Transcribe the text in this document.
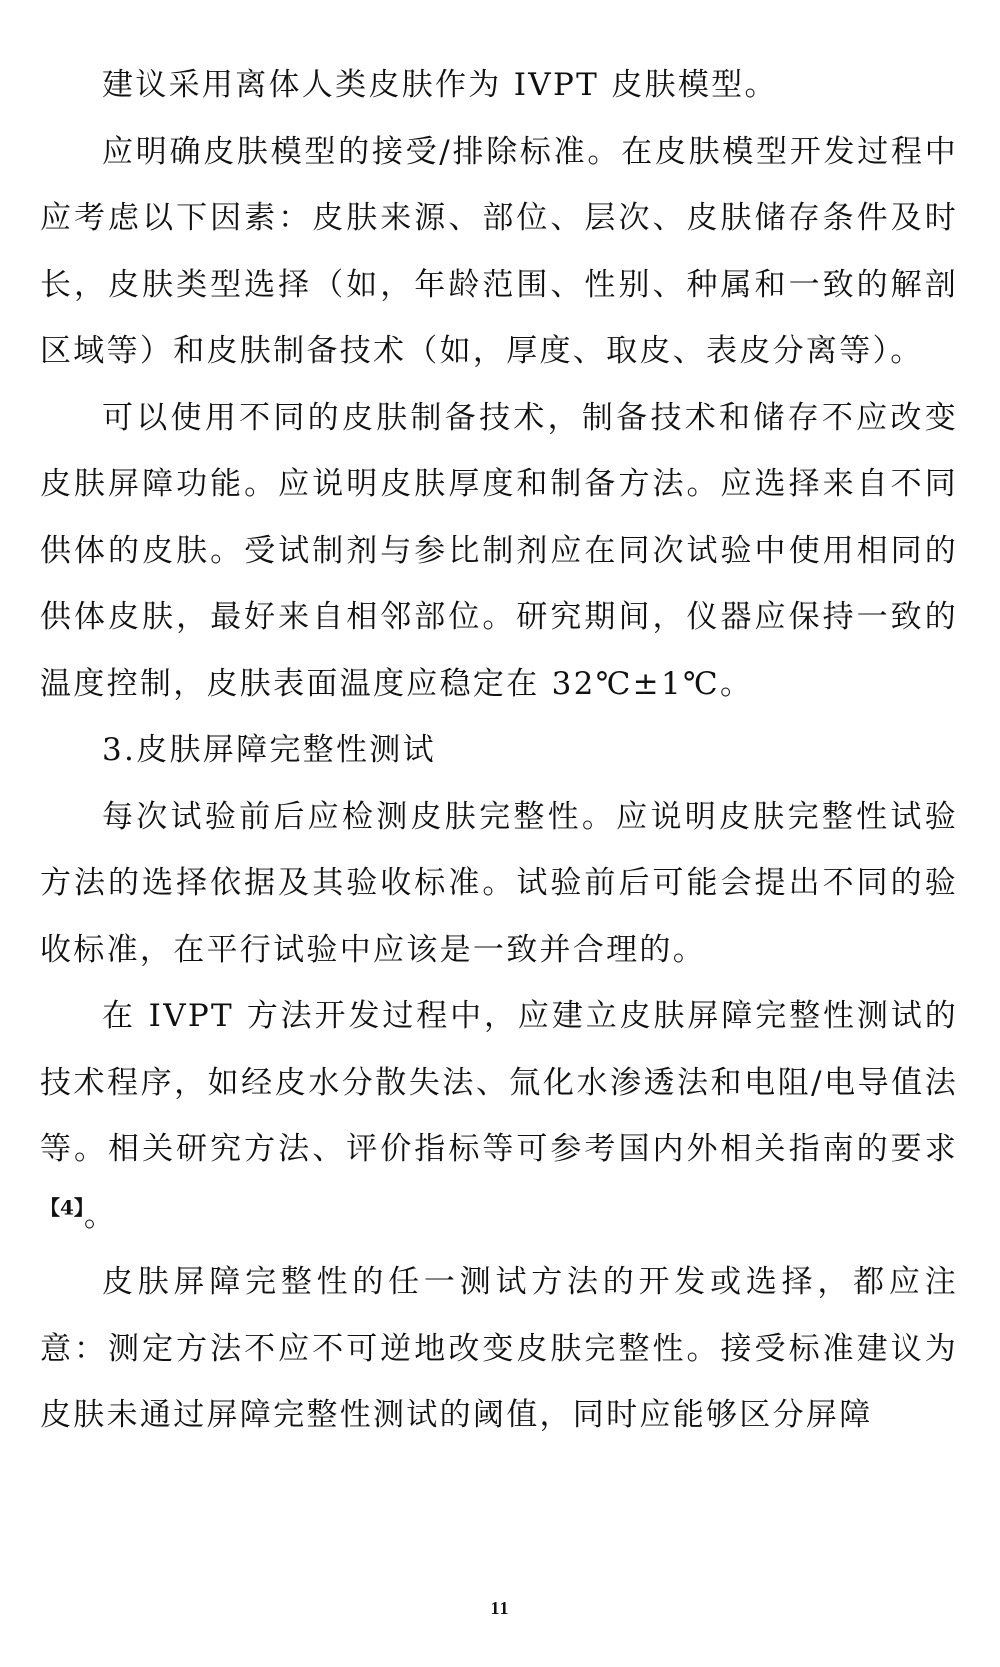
建议采用离体人类皮肤作为 IVPT 皮肤模型。

应明确皮肤模型的接受/排除标准。在皮肤模型开发过程中应考虑以下因素：皮肤来源、部位、层次、皮肤储存条件及时长，皮肤类型选择（如，年龄范围、性别、种属和一致的解剖区域等）和皮肤制备技术（如，厚度、取皮、表皮分离等）。

可以使用不同的皮肤制备技术，制备技术和储存不应改变皮肤屏障功能。应说明皮肤厚度和制备方法。应选择来自不同供体的皮肤。受试制剂与参比制剂应在同次试验中使用相同的供体皮肤，最好来自相邻部位。研究期间，仪器应保持一致的温度控制，皮肤表面温度应稳定在 32℃±1℃。

3.皮肤屏障完整性测试

每次试验前后应检测皮肤完整性。应说明皮肤完整性试验方法的选择依据及其验收标准。试验前后可能会提出不同的验收标准，在平行试验中应该是一致并合理的。

在 IVPT 方法开发过程中，应建立皮肤屏障完整性测试的技术程序，如经皮水分散失法、氚化水渗透法和电阻/电导值法等。相关研究方法、评价指标等可参考国内外相关指南的要求$^{【4】}$。

皮肤屏障完整性的任一测试方法的开发或选择，都应注意：测定方法不应不可逆地改变皮肤完整性。接受标准建议为皮肤未通过屏障完整性测试的阈值，同时应能够区分屏障

11
